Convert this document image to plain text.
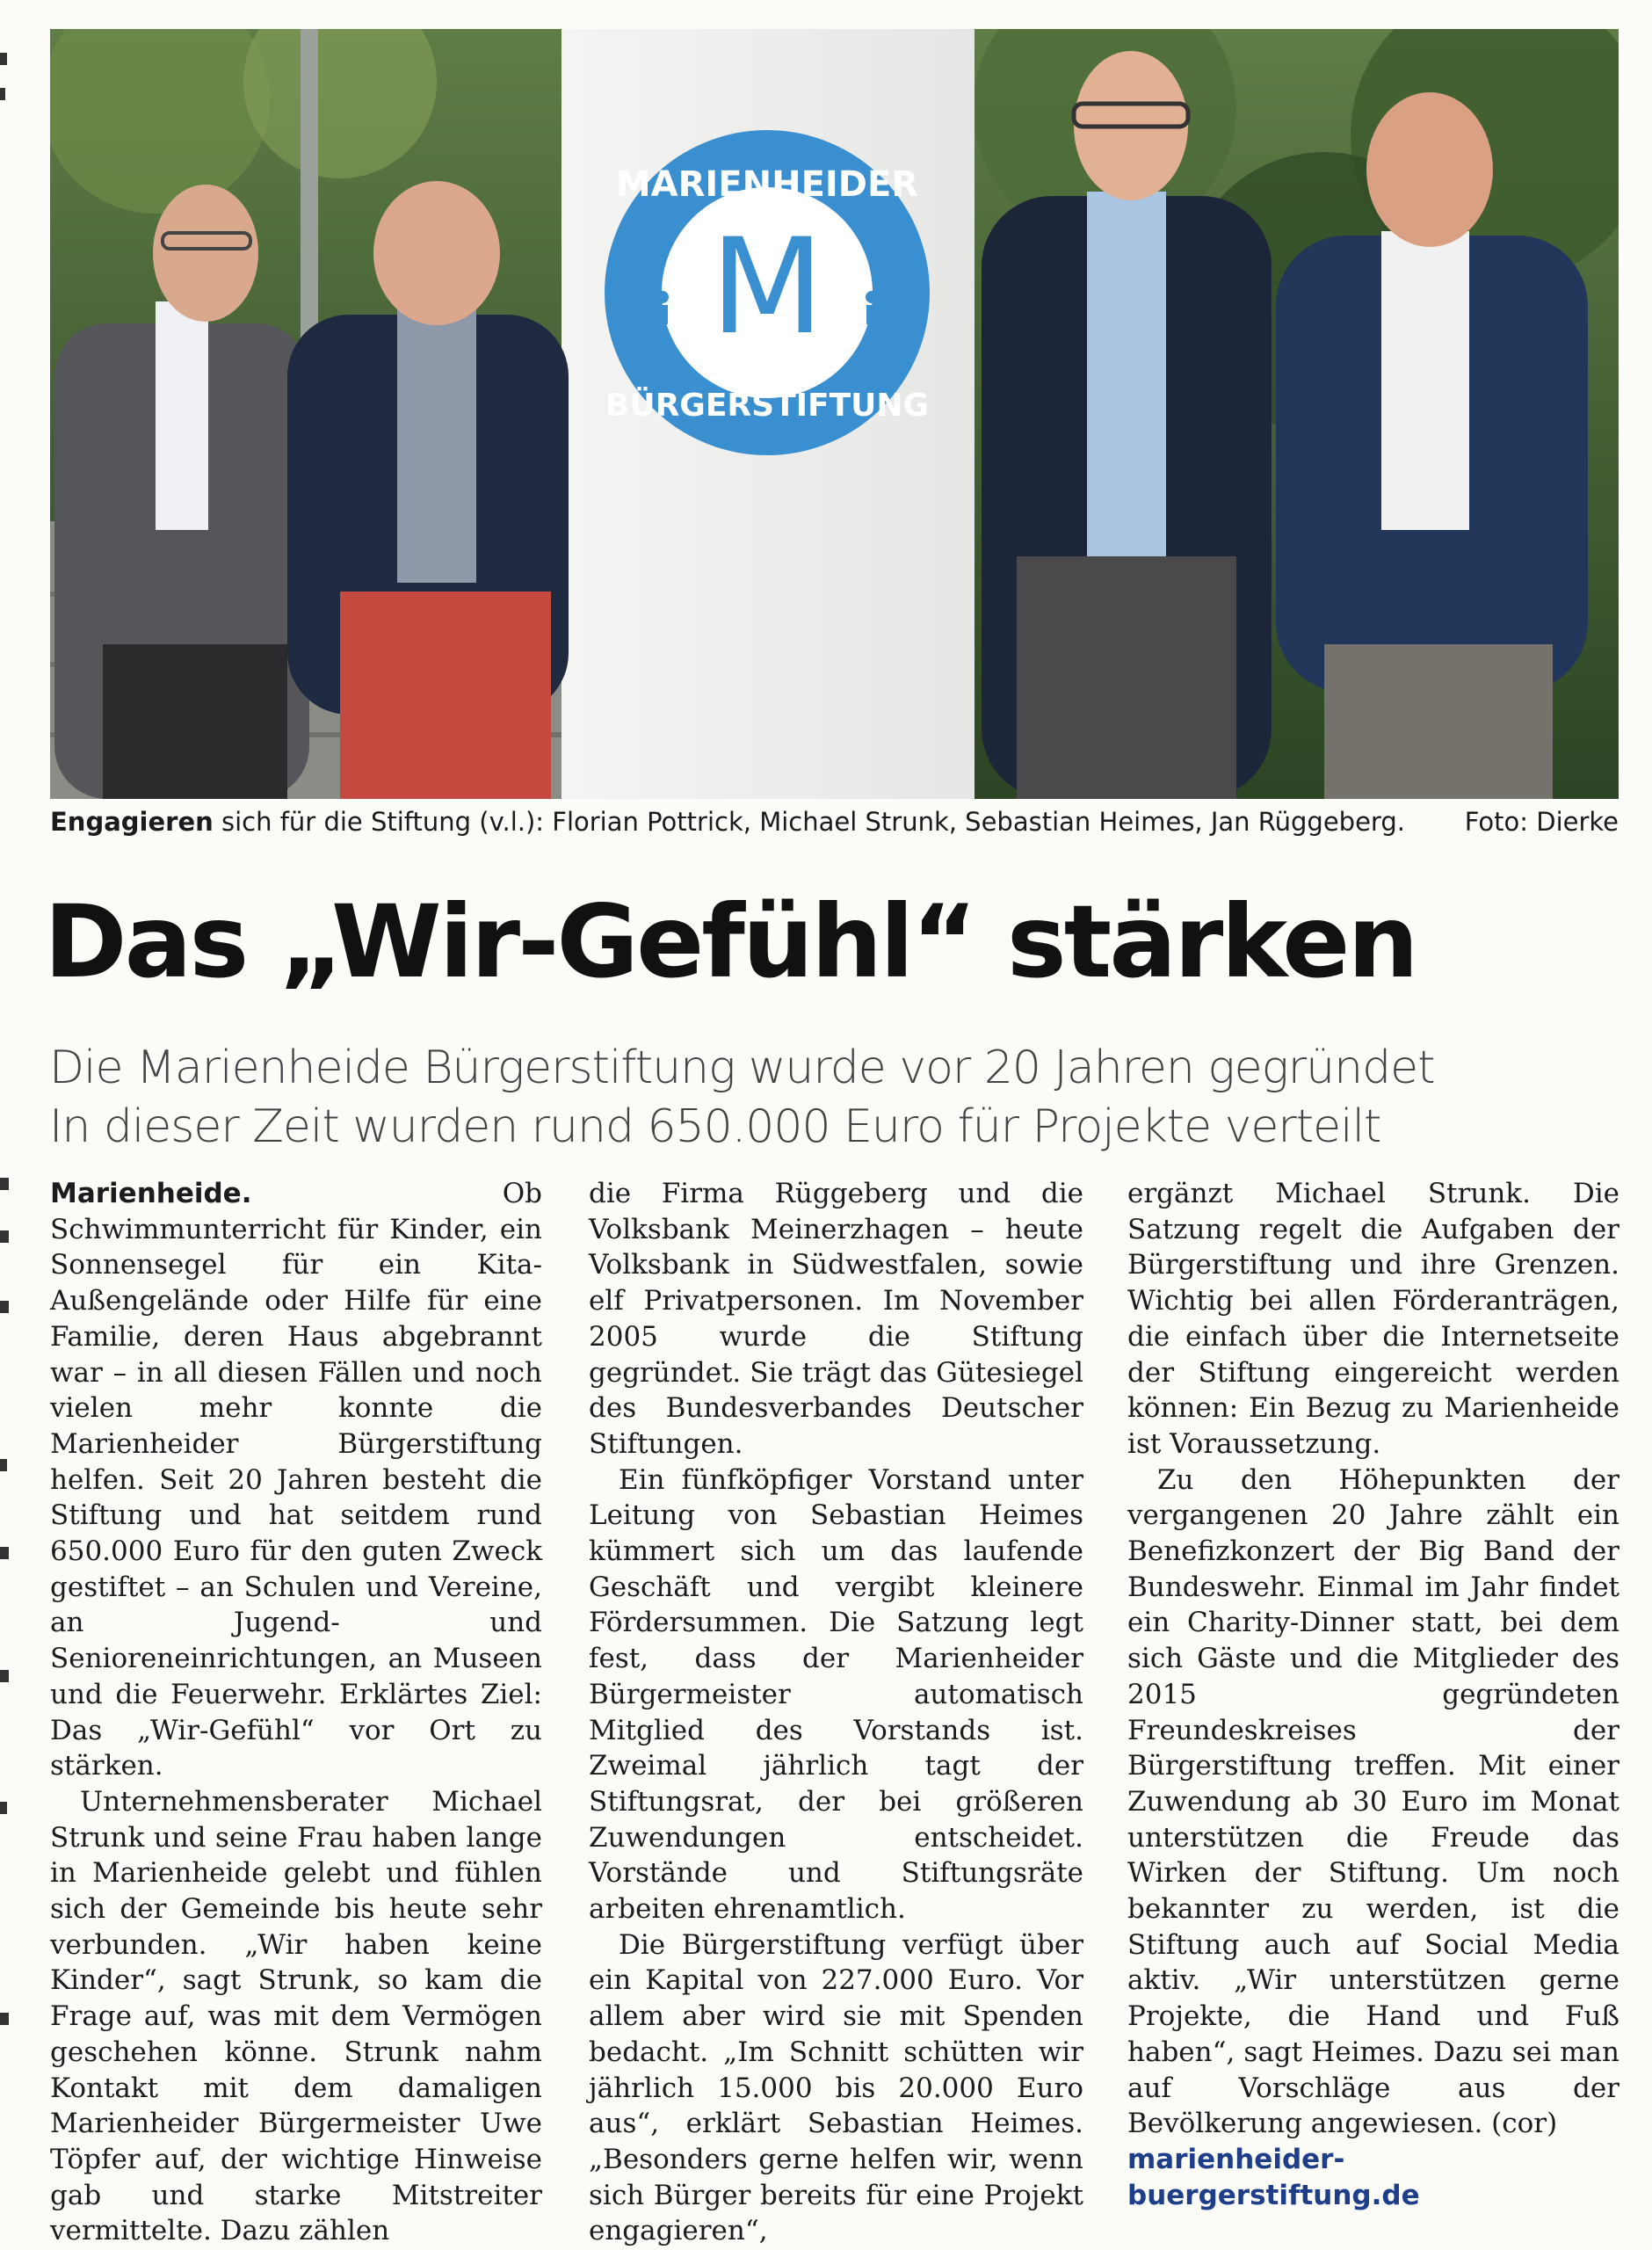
MARIENHEIDER
M
BÜRGERSTIFTUNG
Engagieren sich für die Stiftung (v.l.): Florian Pottrick, Michael Strunk, Sebastian Heimes, Jan Rüggeberg. Foto: Dierke
Das „Wir-Gefühl“ stärken

Die Marienheide Bürgerstiftung wurde vor 20 Jahren gegründet

In dieser Zeit wurden rund 650.000 Euro für Projekte verteilt

Marienheide. Ob Schwimmunterricht für Kinder, ein Sonnensegel für ein Kita-Außengelände oder Hilfe für eine Familie, deren Haus abgebrannt war – in all diesen Fällen und noch vielen mehr konnte die Marienheider Bürgerstiftung helfen. Seit 20 Jahren besteht die Stiftung und hat seitdem rund 650.000 Euro für den guten Zweck gestiftet – an Schulen und Vereine, an Jugend- und Senioreneinrichtungen, an Museen und die Feuerwehr. Erklärtes Ziel: Das „Wir-Gefühl“ vor Ort zu stärken.

Unternehmensberater Michael Strunk und seine Frau haben lange in Marienheide gelebt und fühlen sich der Gemeinde bis heute sehr verbunden. „Wir haben keine Kinder“, sagt Strunk, so kam die Frage auf, was mit dem Vermögen geschehen könne. Strunk nahm Kontakt mit dem damaligen Marienheider Bürgermeister Uwe Töpfer auf, der wichtige Hinweise gab und starke Mitstreiter vermittelte. Dazu zählen

die Firma Rüggeberg und die Volksbank Meinerzhagen – heute Volksbank in Südwestfalen, sowie elf Privatpersonen. Im November 2005 wurde die Stiftung gegründet. Sie trägt das Gütesiegel des Bundesverbandes Deutscher Stiftungen.

Ein fünfköpfiger Vorstand unter Leitung von Sebastian Heimes kümmert sich um das laufende Geschäft und vergibt kleinere Fördersummen. Die Satzung legt fest, dass der Marienheider Bürgermeister automatisch Mitglied des Vorstands ist. Zweimal jährlich tagt der Stiftungsrat, der bei größeren Zuwendungen entscheidet. Vorstände und Stiftungsräte arbeiten ehrenamtlich.

Die Bürgerstiftung verfügt über ein Kapital von 227.000 Euro. Vor allem aber wird sie mit Spenden bedacht. „Im Schnitt schütten wir jährlich 15.000 bis 20.000 Euro aus“, erklärt Sebastian Heimes. „Besonders gerne helfen wir, wenn sich Bürger bereits für eine Projekt engagieren“,

ergänzt Michael Strunk. Die Satzung regelt die Aufgaben der Bürgerstiftung und ihre Grenzen. Wichtig bei allen Förderanträgen, die einfach über die Internetseite der Stiftung eingereicht werden können: Ein Bezug zu Marienheide ist Voraussetzung.

Zu den Höhepunkten der vergangenen 20 Jahre zählt ein Benefizkonzert der Big Band der Bundeswehr. Einmal im Jahr findet ein Charity-Dinner statt, bei dem sich Gäste und die Mitglieder des 2015 gegründeten Freundeskreises der Bürgerstiftung treffen. Mit einer Zuwendung ab 30 Euro im Monat unterstützen die Freude das Wirken der Stiftung. Um noch bekannter zu werden, ist die Stiftung auch auf Social Media aktiv. „Wir unterstützen gerne Projekte, die Hand und Fuß haben“, sagt Heimes. Dazu sei man auf Vorschläge aus der Bevölkerung angewiesen. (cor)

marienheider-buergerstiftung.de
